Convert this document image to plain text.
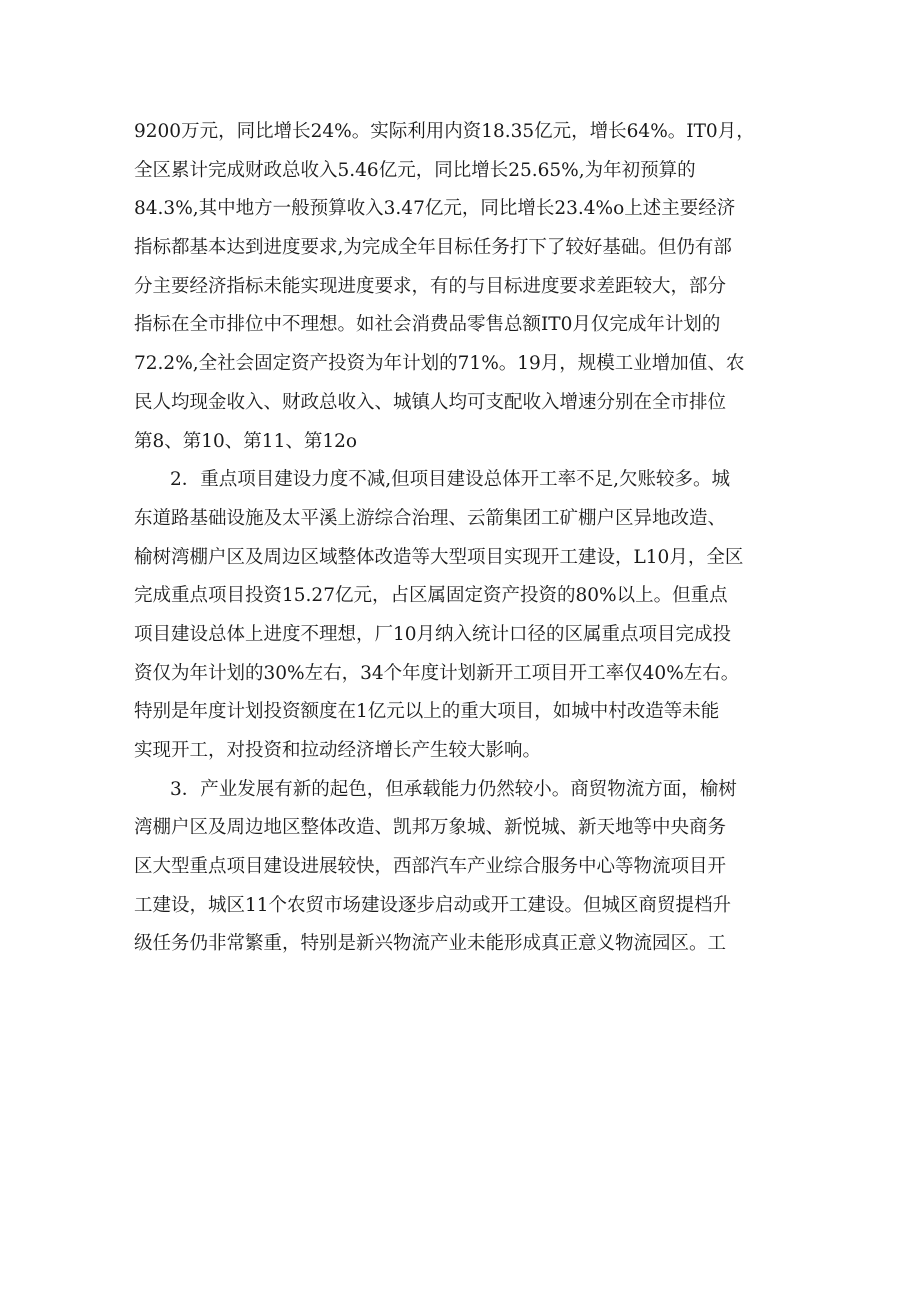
9200万元，同比增长24%。实际利用内资18.35亿元，增长64%。IT0月，
全区累计完成财政总收入5.46亿元，同比增长25.65%,为年初预算的
84.3%,其中地方一般预算收入3.47亿元，同比增长23.4%o上述主要经济
指标都基本达到进度要求,为完成全年目标任务打下了较好基础。但仍有部
分主要经济指标未能实现进度要求，有的与目标进度要求差距较大，部分
指标在全市排位中不理想。如社会消费品零售总额IT0月仅完成年计划的
72.2%,全社会固定资产投资为年计划的71%。19月，规模工业增加值、农
民人均现金收入、财政总收入、城镇人均可支配收入增速分别在全市排位
第8、第10、第11、第12o
2．重点项目建设力度不减,但项目建设总体开工率不足,欠账较多。城
东道路基础设施及太平溪上游综合治理、云箭集团工矿棚户区异地改造、
榆树湾棚户区及周边区域整体改造等大型项目实现开工建设，L10月，全区
完成重点项目投资15.27亿元，占区属固定资产投资的80%以上。但重点
项目建设总体上进度不理想，厂10月纳入统计口径的区属重点项目完成投
资仅为年计划的30%左右，34个年度计划新开工项目开工率仅40%左右。
特别是年度计划投资额度在1亿元以上的重大项目，如城中村改造等未能
实现开工，对投资和拉动经济增长产生较大影响。
3．产业发展有新的起色，但承载能力仍然较小。商贸物流方面，榆树
湾棚户区及周边地区整体改造、凯邦万象城、新悦城、新天地等中央商务
区大型重点项目建设进展较快，西部汽车产业综合服务中心等物流项目开
工建设，城区11个农贸市场建设逐步启动或开工建设。但城区商贸提档升
级任务仍非常繁重，特别是新兴物流产业未能形成真正意义物流园区。工
